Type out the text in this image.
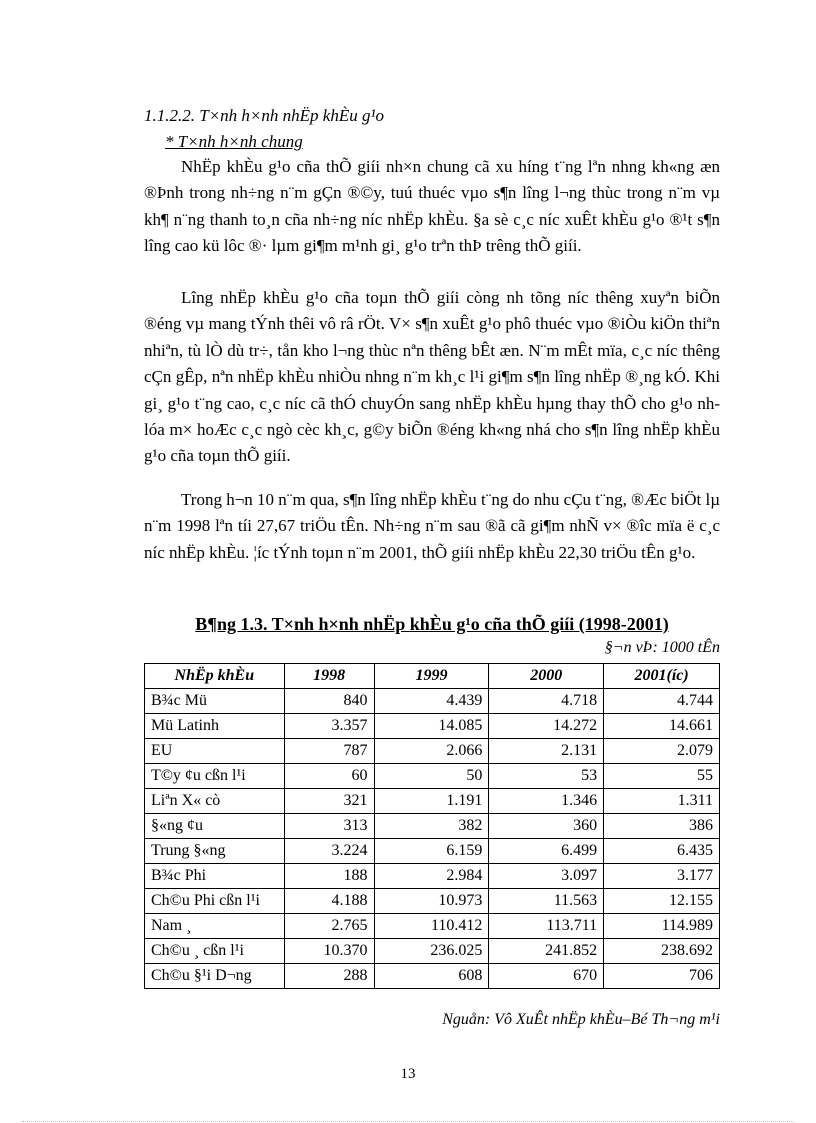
1.1.2.2. T×nh h×nh nhËp khÈu g¹o
* T×nh h×nh chung

NhËp khÈu g¹o cña thÕ giíi nh×n chung cã xu híng t¨ng lªn nhng kh«ng æn ®Þnh trong nh÷ng n¨m gÇn ®©y, tuú thuéc vµo s¶n lîng l¬ng thùc trong n¨m vµ kh¶ n¨ng thanh to¸n cña nh÷ng níc nhËp khÈu. §a sè c¸c níc xuÊt khÈu g¹o ®¹t s¶n lîng cao kü lôc ®· lµm gi¶m m¹nh gi¸ g¹o trªn thÞ trêng thÕ giíi.

Lîng nhËp khÈu g¹o cña toµn thÕ giíi còng nh tõng níc thêng xuyªn biÕn ®éng vµ mang tÝnh thêi vô râ rÖt. V× s¶n xuÊt g¹o phô thuéc vµo ®iÒu kiÖn thiªn nhiªn, tù lÒ dù tr÷, tån kho l¬ng thùc nªn thêng bÊt æn. N¨m mÊt mïa, c¸c níc thêng cÇn gÊp, nªn nhËp khÈu nhiÒu nhng n¨m kh¸c l¹i gi¶m s¶n lîng nhËp ®¸ng kÓ. Khi gi¸ g¹o t¨ng cao, c¸c níc cã thÓ chuyÓn sang nhËp khÈu hµng thay thÕ cho g¹o nh lóa m× hoÆc c¸c ngò cèc kh¸c, g©y biÕn ®éng kh«ng nhá cho s¶n lîng nhËp khÈu g¹o cña toµn thÕ giíi.

Trong h¬n 10 n¨m qua, s¶n lîng nhËp khÈu t¨ng do nhu cÇu t¨ng, ®Æc biÖt lµ n¨m 1998 lªn tíi 27,67 triÖu tÊn. Nh÷ng n¨m sau ®ã cã gi¶m nhÑ v× ®îc mïa ë c¸c níc nhËp khÈu. ¦íc tÝnh toµn n¨m 2001, thÕ giíi nhËp khÈu 22,30 triÖu tÊn g¹o.

B¶ng 1.3. T×nh h×nh nhËp khÈu g¹o cña thÕ giíi (1998-2001)
§¬n vÞ: 1000 tÊn
NhËp khÈu	1998	1999	2000	2001(íc)
B¾c Mü	840	4.439	4.718	4.744
Mü Latinh	3.357	14.085	14.272	14.661
EU	787	2.066	2.131	2.079
T©y ¢u cßn l¹i	60	50	53	55
Liªn X« cò	321	1.191	1.346	1.311
§«ng ¢u	313	382	360	386
Trung §«ng	3.224	6.159	6.499	6.435
B¾c Phi	188	2.984	3.097	3.177
Ch©u Phi cßn l¹i	4.188	10.973	11.563	12.155
Nam ¸	2.765	110.412	113.711	114.989
Ch©u ¸ cßn l¹i	10.370	236.025	241.852	238.692
Ch©u §¹i D¬ng	288	608	670	706
Nguån: Vô XuÊt nhËp khÈu–Bé Th¬ng m¹i
13
